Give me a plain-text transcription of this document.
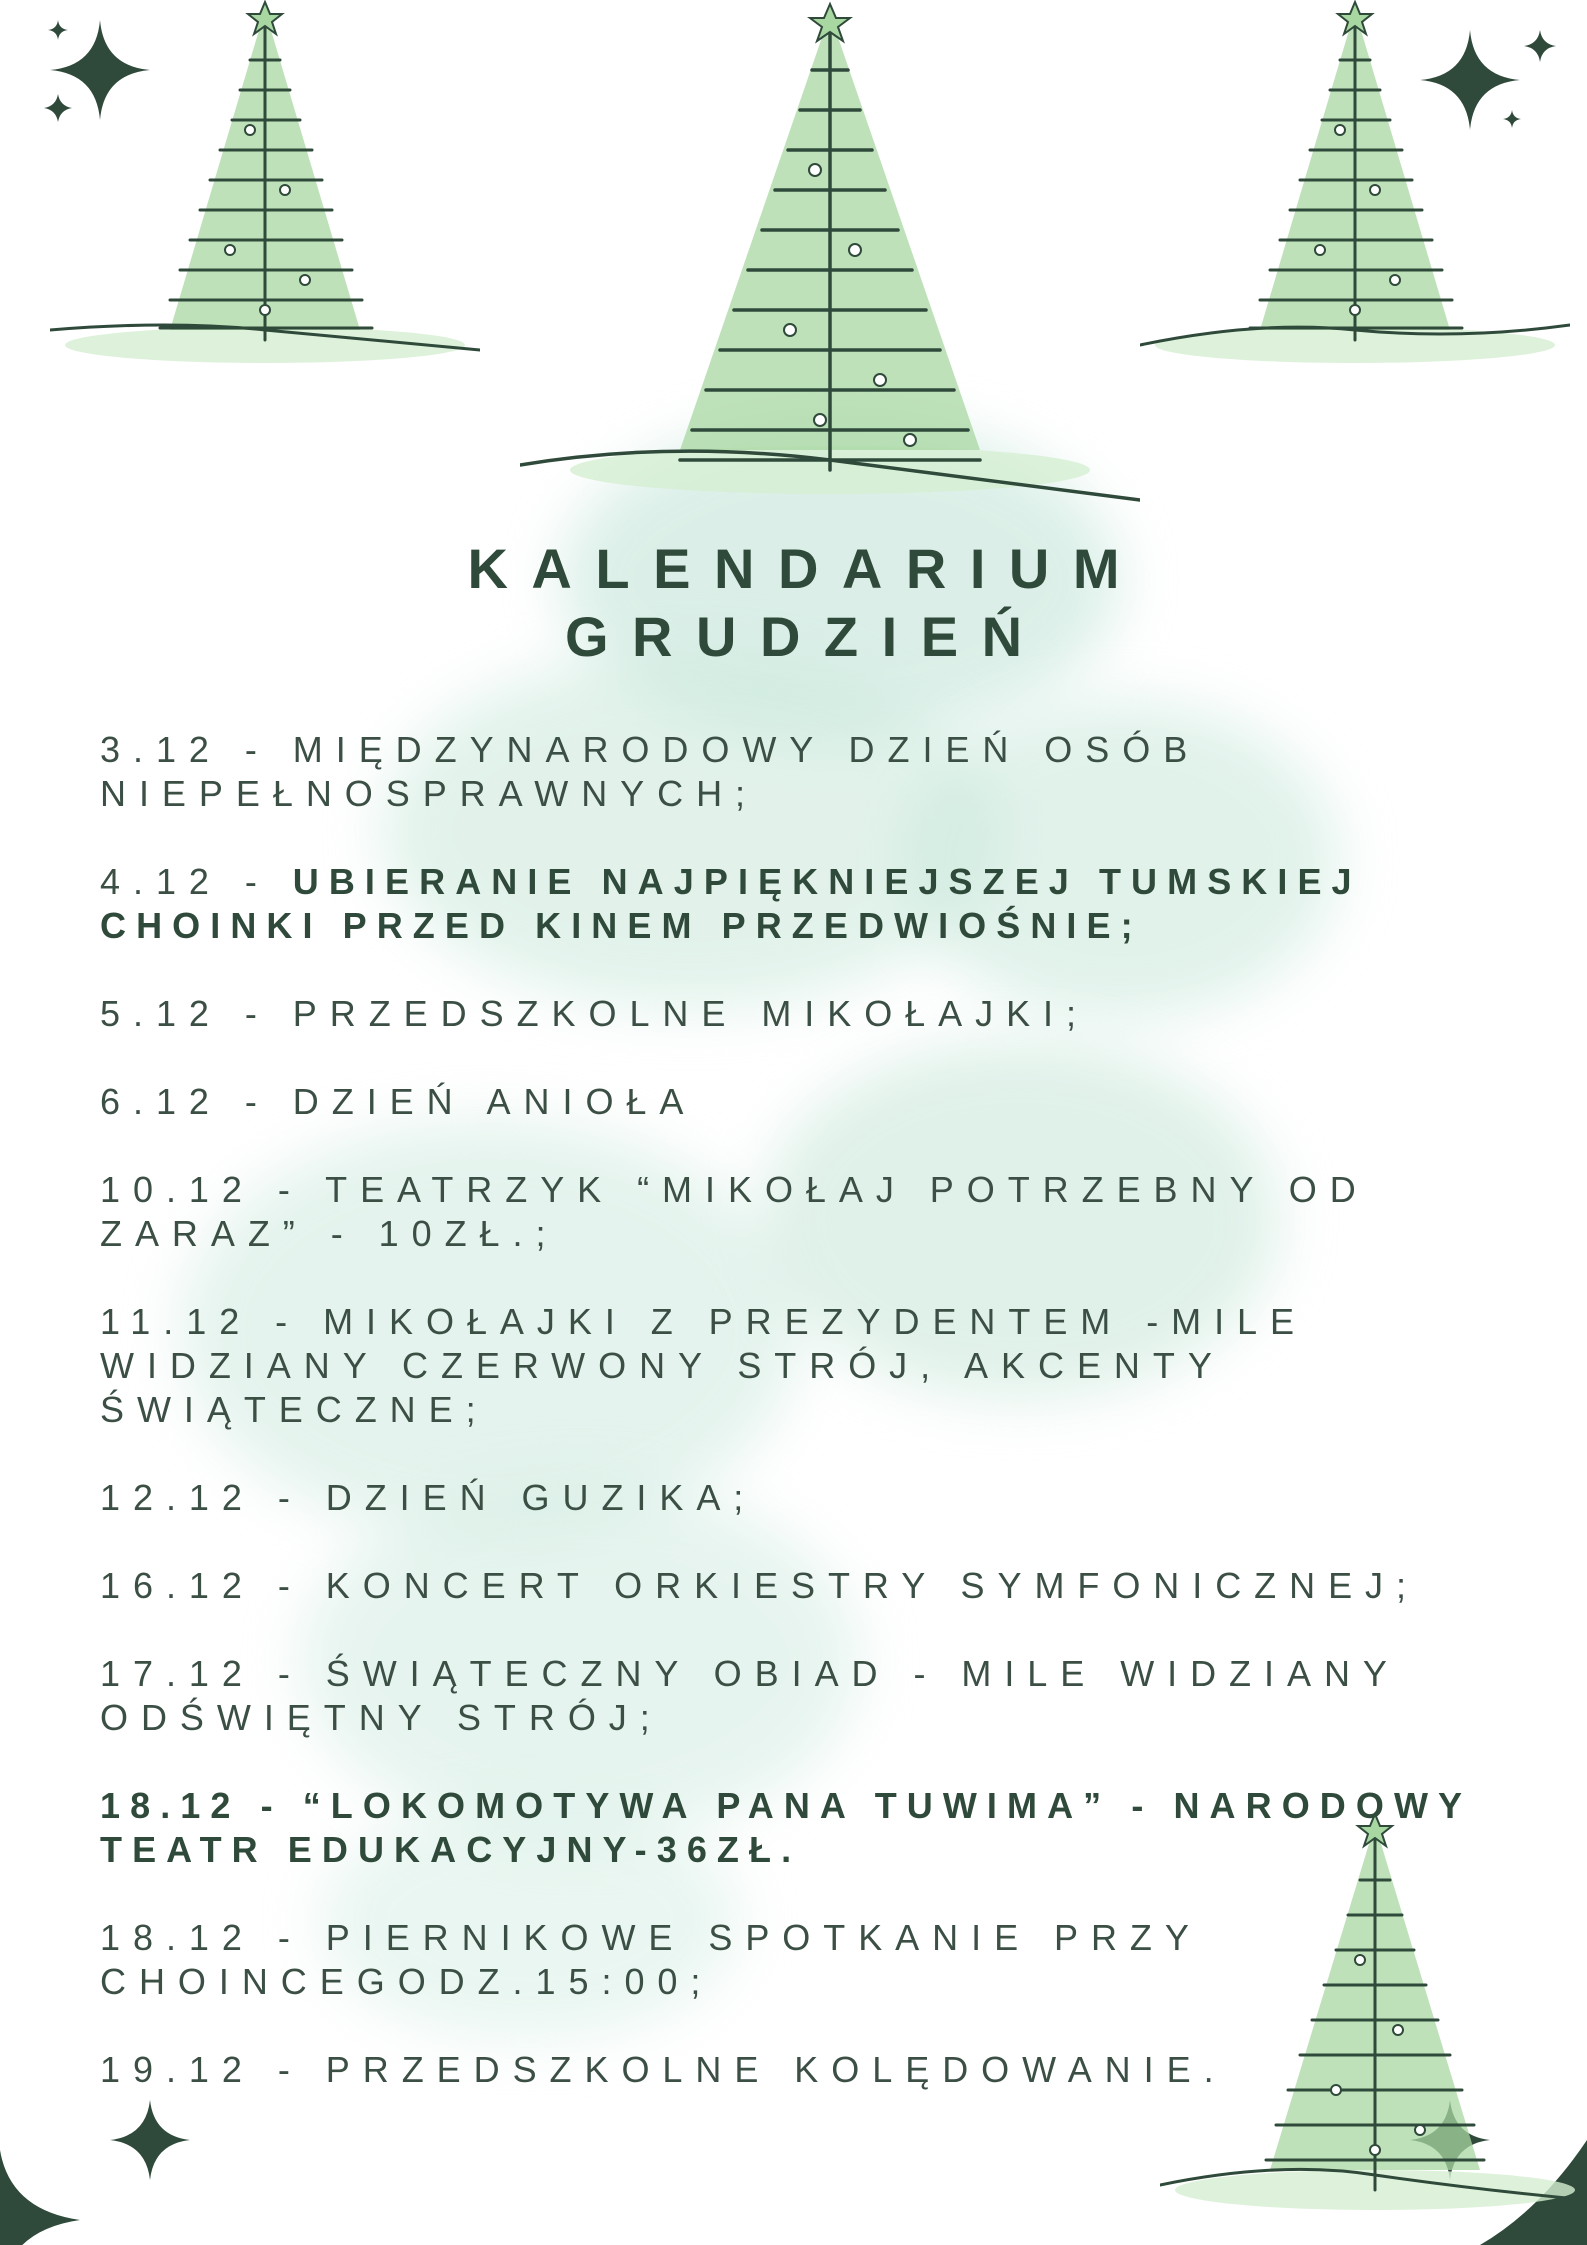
KALENDARIUM
GRUDZIEŃ
3.12 - MIĘDZYNARODOWY DZIEŃ OSÓB NIEPEŁNOSPRAWNYCH;
4.12 - UBIERANIE NAJPIĘKNIEJSZEJ TUMSKIEJ CHOINKI PRZED KINEM PRZEDWIOŚNIE;
5.12 - PRZEDSZKOLNE MIKOŁAJKI;
6.12 - DZIEŃ ANIOŁA
10.12 - TEATRZYK “MIKOŁAJ POTRZEBNY OD ZARAZ” - 10ZŁ.;
11.12 - MIKOŁAJKI Z PREZYDENTEM -MILE WIDZIANY CZERWONY STRÓJ, AKCENTY ŚWIĄTECZNE;
12.12 - DZIEŃ GUZIKA;
16.12 - KONCERT ORKIESTRY SYMFONICZNEJ;
17.12 - ŚWIĄTECZNY OBIAD - MILE WIDZIANY ODŚWIĘTNY STRÓJ;
18.12 - “LOKOMOTYWA PANA TUWIMA” - NARODOWY TEATR EDUKACYJNY-36ZŁ.
18.12 - PIERNIKOWE SPOTKANIE PRZY CHOINCEGODZ.15:00;
19.12 - PRZEDSZKOLNE KOLĘDOWANIE.
